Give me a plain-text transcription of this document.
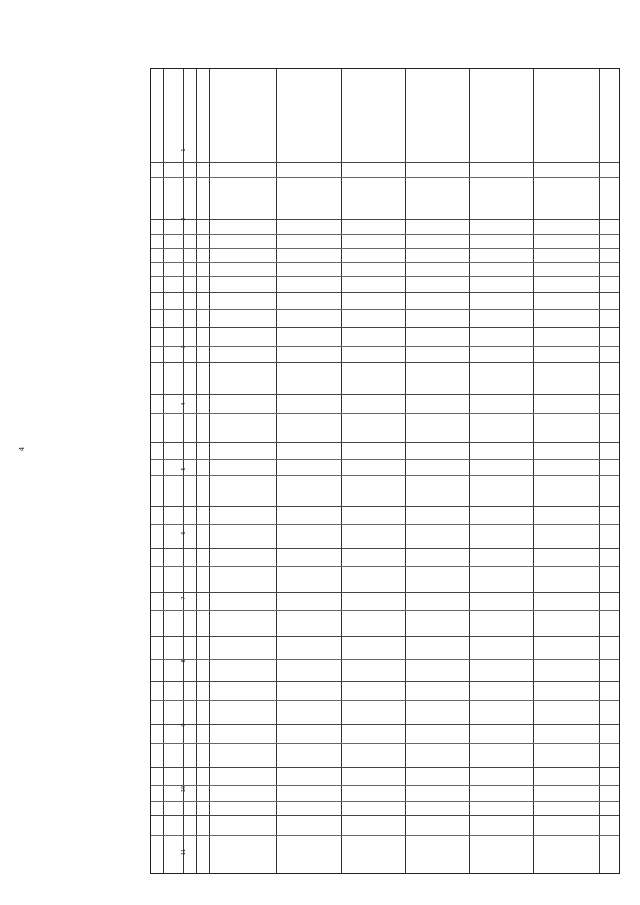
4
1
2
3
4
5
6
7
8
9
10
11
